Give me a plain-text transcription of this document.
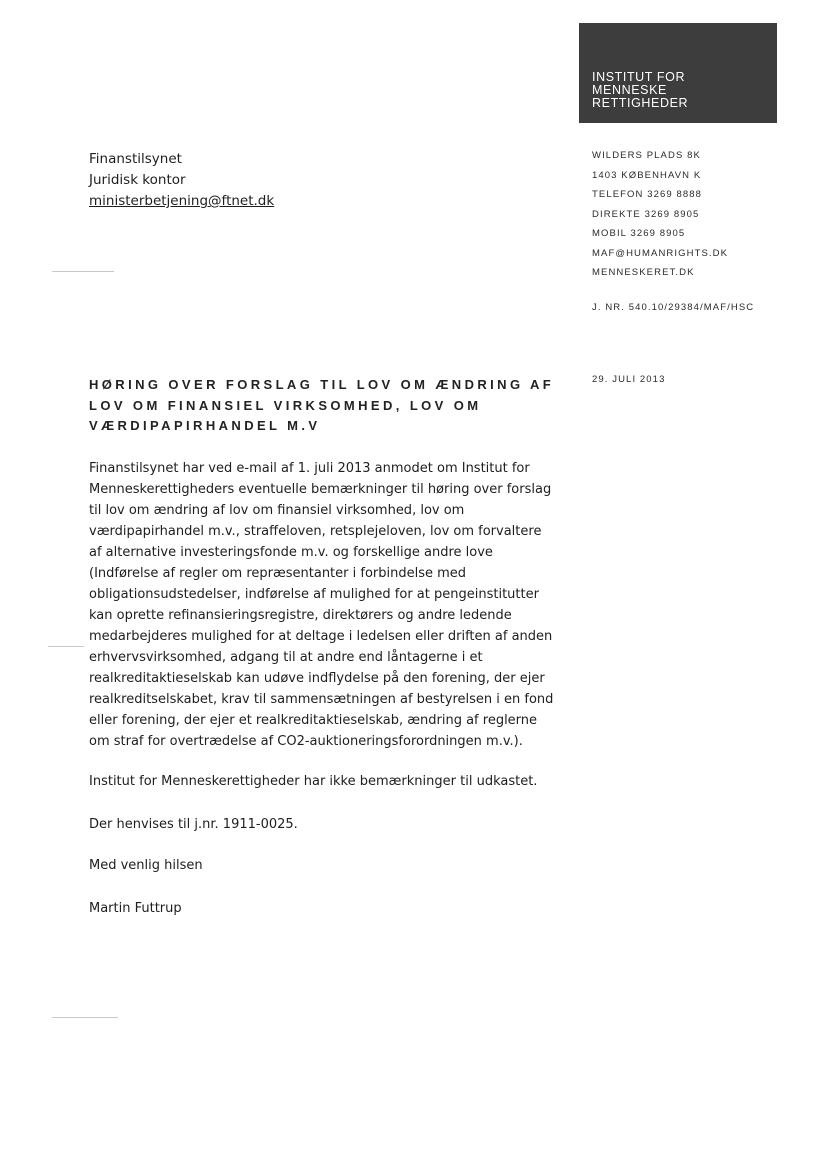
INSTITUT FOR
MENNESKE
RETTIGHEDER
Finanstilsynet
Juridisk kontor
ministerbetjening@ftnet.dk
WILDERS PLADS 8K
1403 KØBENHAVN K
TELEFON 3269 8888
DIREKTE 3269 8905
MOBIL 3269 8905
MAF@HUMANRIGHTS.DK
MENNESKERET.DK
J. NR. 540.10/29384/MAF/HSC
29. JULI 2013
HØRING OVER FORSLAG TIL LOV OM ÆNDRING AF
LOV OM FINANSIEL VIRKSOMHED, LOV OM
VÆRDIPAPIRHANDEL M.V
Finanstilsynet har ved e-mail af 1. juli 2013 anmodet om Institut for
Menneskerettigheders eventuelle bemærkninger til høring over forslag
til lov om ændring af lov om finansiel virksomhed, lov om
værdipapirhandel m.v., straffeloven, retsplejeloven, lov om forvaltere
af alternative investeringsfonde m.v. og forskellige andre love
(Indførelse af regler om repræsentanter i forbindelse med
obligationsudstedelser, indførelse af mulighed for at pengeinstitutter
kan oprette refinansieringsregistre, direktørers og andre ledende
medarbejderes mulighed for at deltage i ledelsen eller driften af anden
erhvervsvirksomhed, adgang til at andre end låntagerne i et
realkreditaktieselskab kan udøve indflydelse på den forening, der ejer
realkreditselskabet, krav til sammensætningen af bestyrelsen i en fond
eller forening, der ejer et realkreditaktieselskab, ændring af reglerne
om straf for overtrædelse af CO2-auktioneringsforordningen m.v.).
Institut for Menneskerettigheder har ikke bemærkninger til udkastet.
Der henvises til j.nr. 1911-0025.
Med venlig hilsen
Martin Futtrup
